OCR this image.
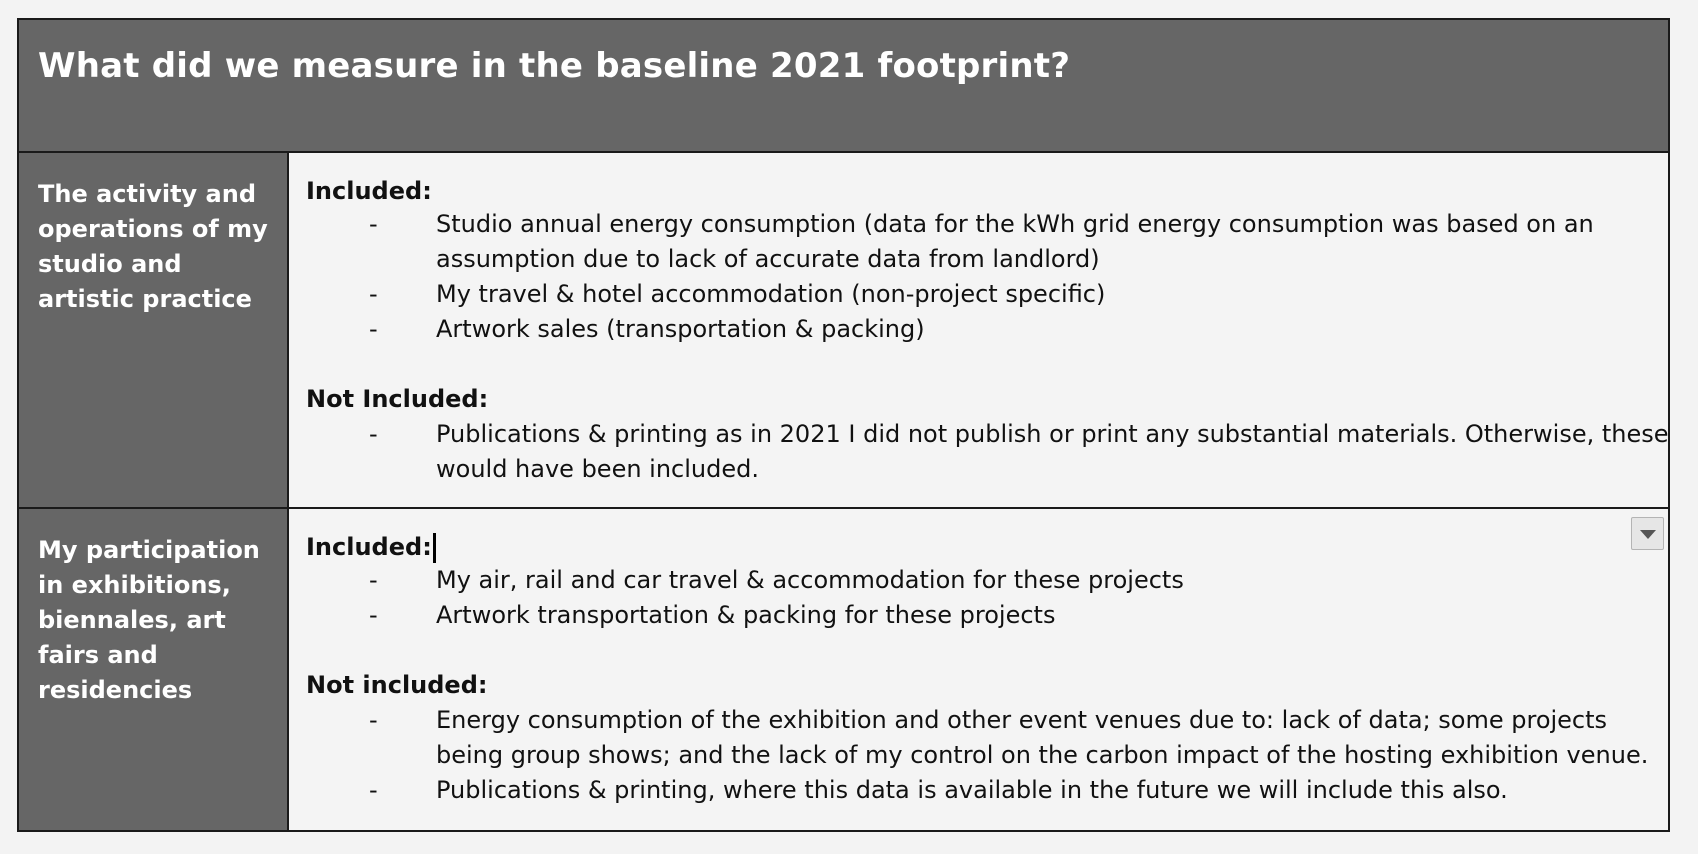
What did we measure in the baseline 2021 footprint?
The activity and operations of my studio and artistic practice
Included:
- Studio annual energy consumption (data for the kWh grid energy consumption was based on an assumption due to lack of accurate data from landlord)
- My travel & hotel accommodation (non-project specific)
- Artwork sales (transportation & packing)
Not Included:
- Publications & printing as in 2021 I did not publish or print any substantial materials. Otherwise, these would have been included.
My participation in exhibitions, biennales, art fairs and residencies
Included:
- My air, rail and car travel & accommodation for these projects
- Artwork transportation & packing for these projects
Not included:
- Energy consumption of the exhibition and other event venues due to: lack of data; some projects being group shows; and the lack of my control on the carbon impact of the hosting exhibition venue.
- Publications & printing, where this data is available in the future we will include this also.
